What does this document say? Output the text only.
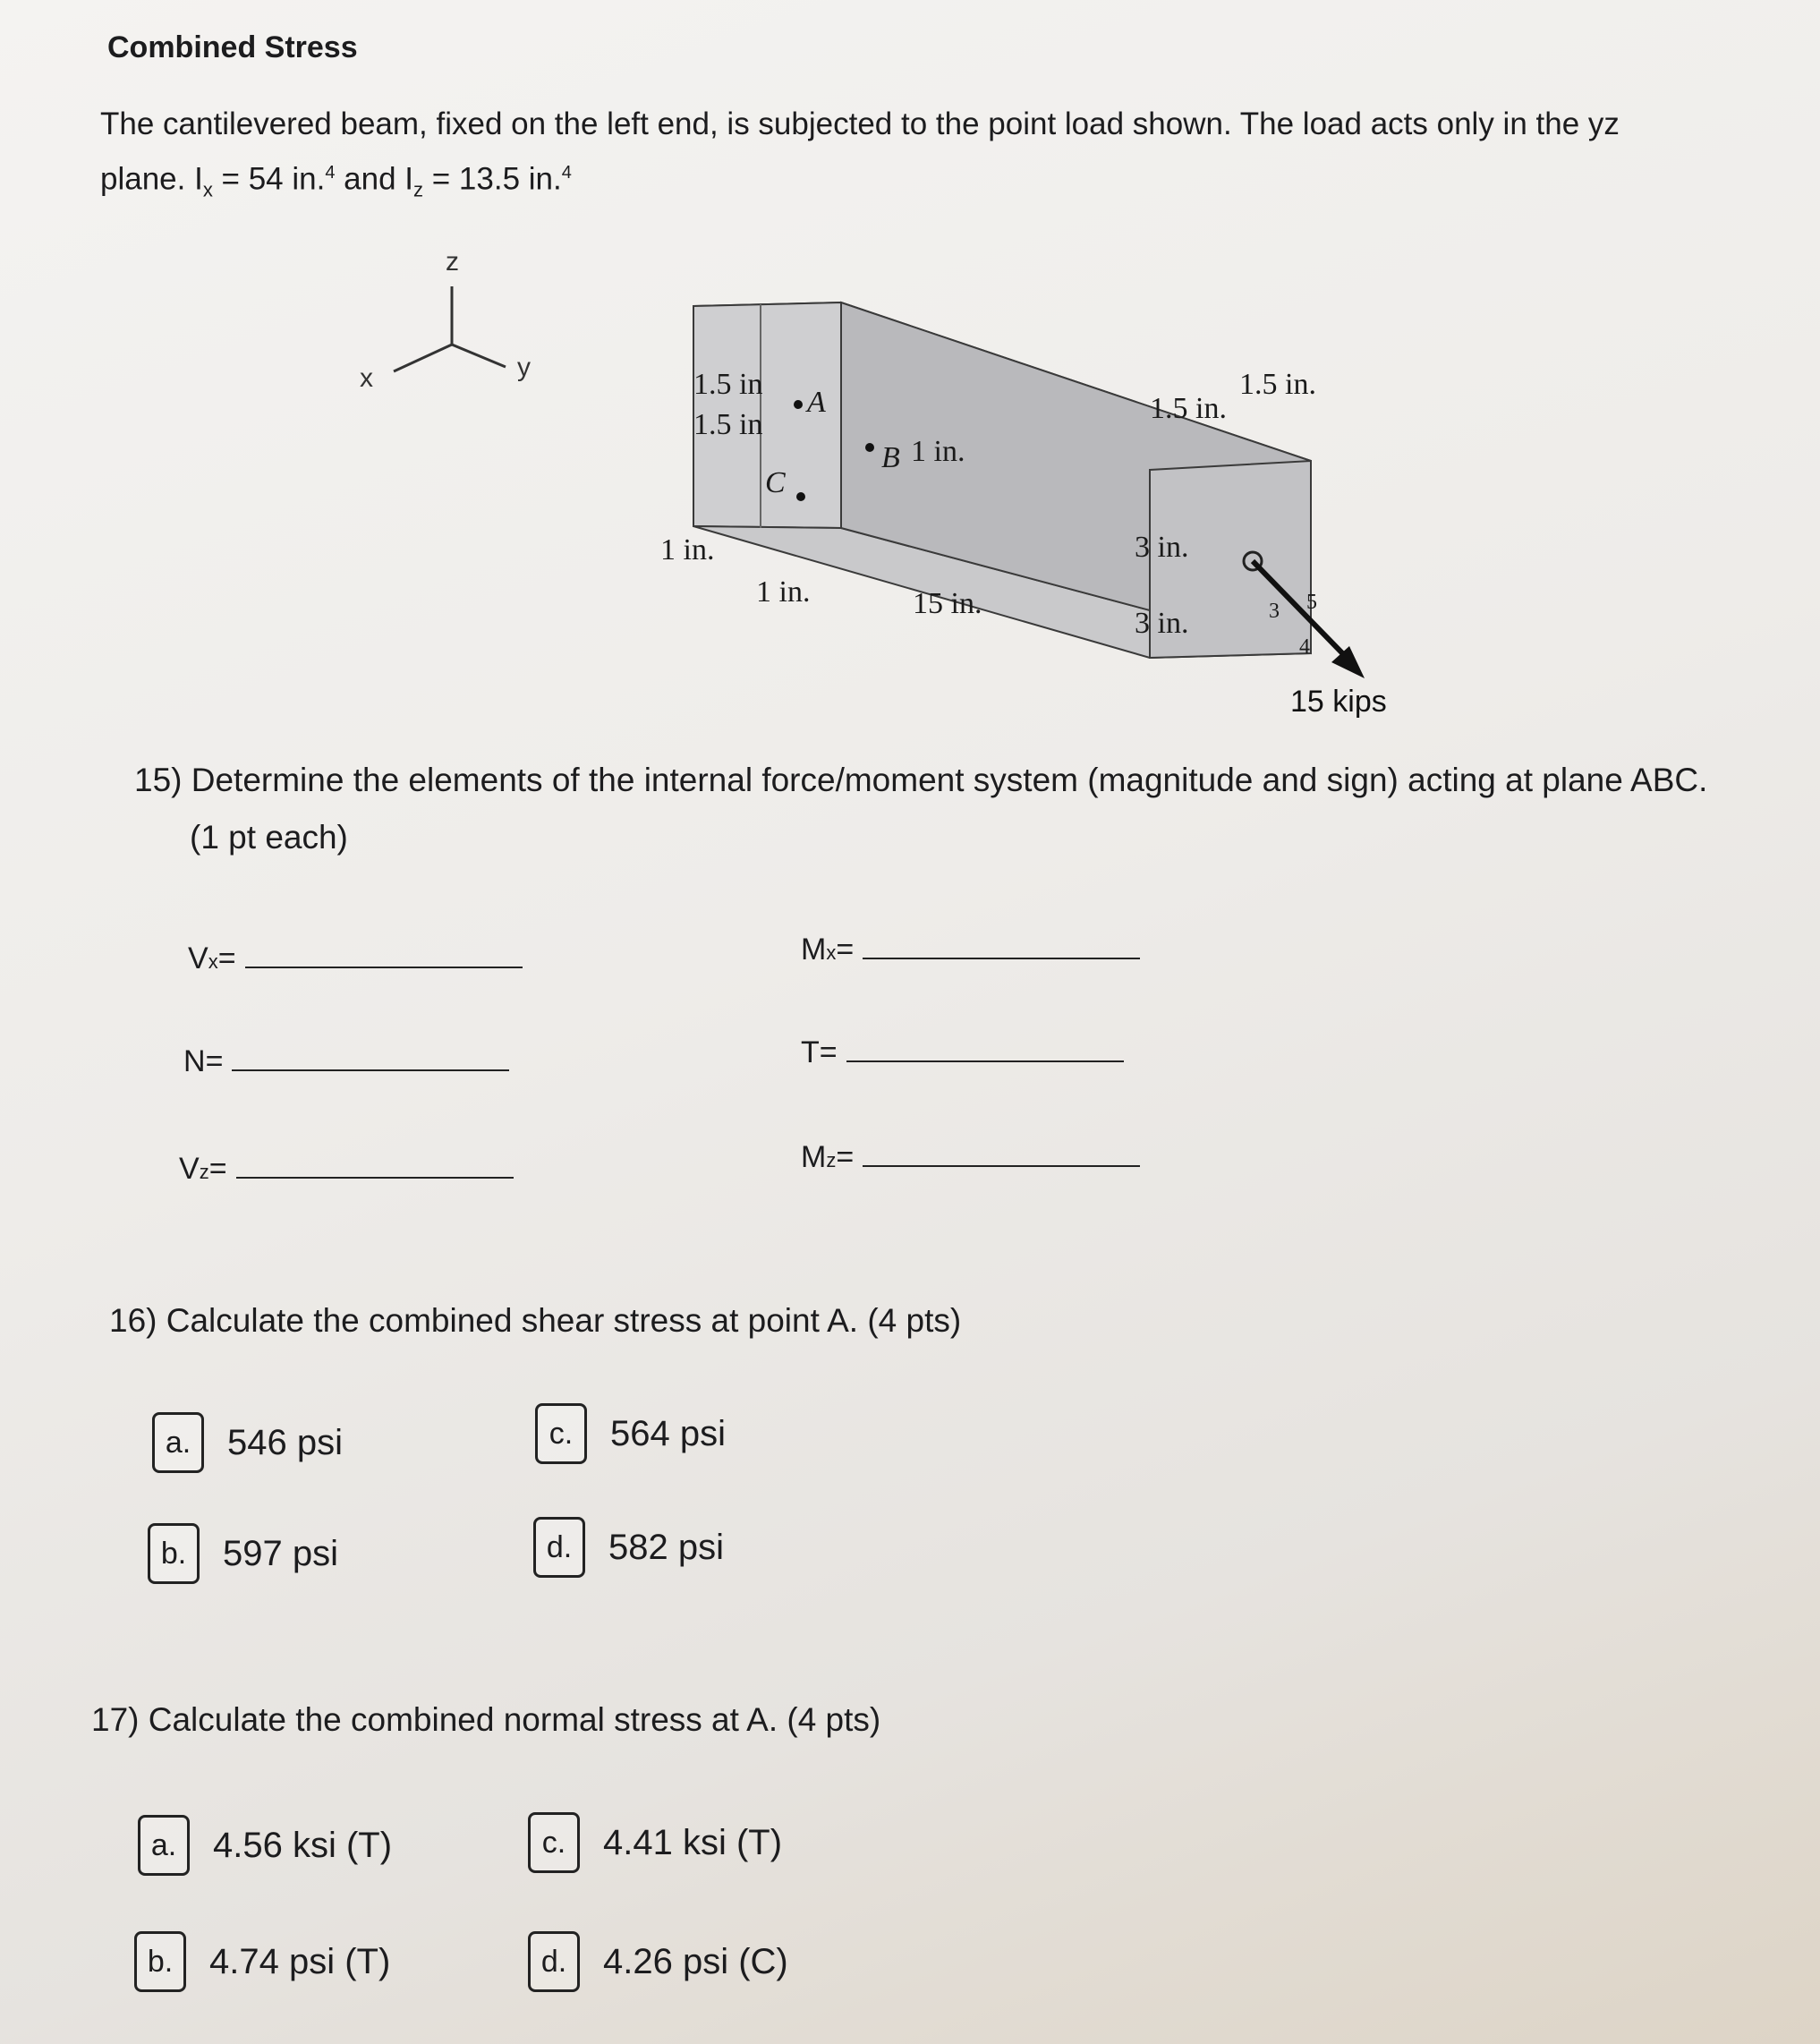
Combined Stress
The cantilevered beam, fixed on the left end, is subjected to the point load shown. The load acts only in the yz
plane. $I_x = 54$ in.$^4$ and $I_z = 13.5$ in.$^4$
z
x	y
1.5 in
1.5 in
A
B 1 in.
C
1 in.
1 in.	15 in.
1.5 in.
1.5 in.
3 in.
3 in.	3
4
5
15 kips
15) Determine the elements of the internal force/moment system (magnitude and sign) acting at plane ABC.
(1 pt each)
V x =	M x =
N =	T =
V z =	M z =
16) Calculate the combined shear stress at point A. (4 pts)
a.	546 psi	c.	564 psi
b.	597 psi	d.	582 psi
17) Calculate the combined normal stress at A. (4 pts)
a.	4.56 ksi (T)	c.	4.41 ksi (T)
b.	4.74 psi (T)	d.	4.26 psi (C)
